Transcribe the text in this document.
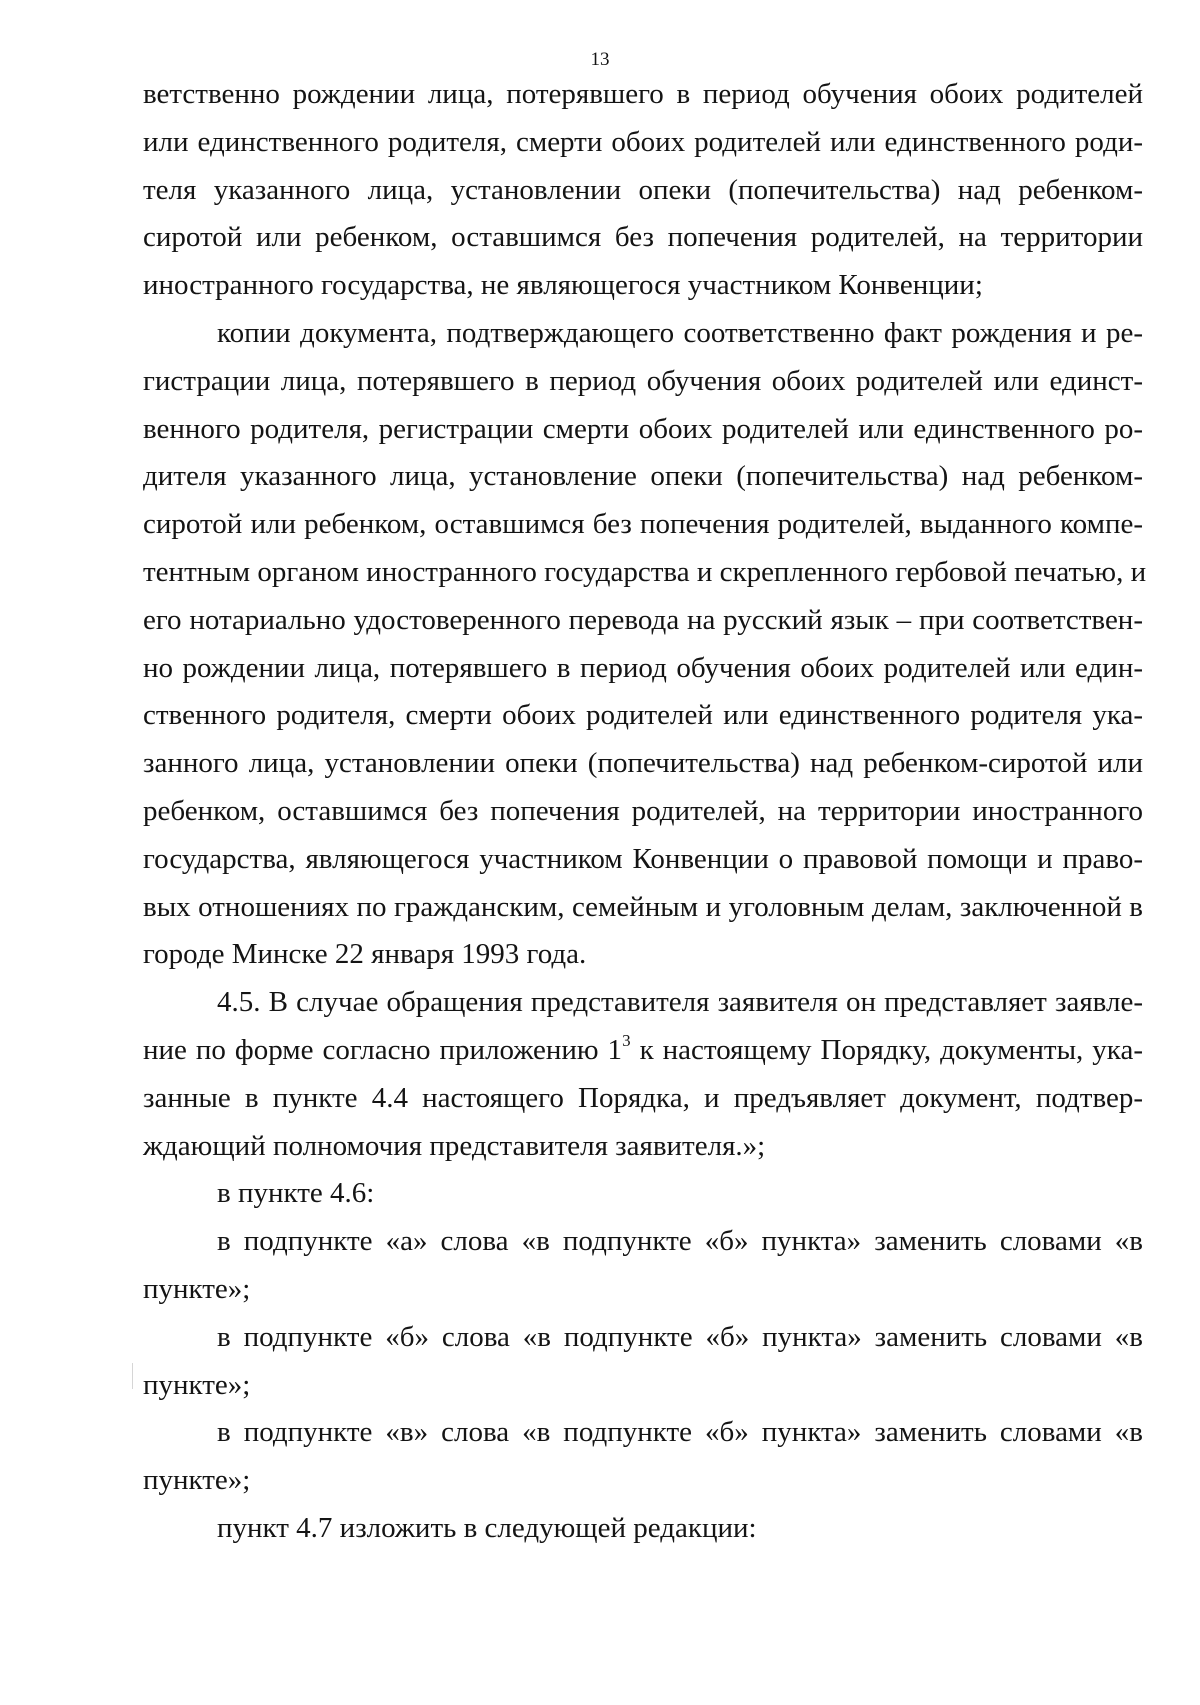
13
ветственно рождении лица, потерявшего в период обучения обоих родителей
или единственного родителя, смерти обоих родителей или единственного роди-
теля указанного лица, установлении опеки (попечительства) над ребенком-
сиротой или ребенком, оставшимся без попечения родителей, на территории
иностранного государства, не являющегося участником Конвенции;
копии документа, подтверждающего соответственно факт рождения и ре-
гистрации лица, потерявшего в период обучения обоих родителей или единст-
венного родителя, регистрации смерти обоих родителей или единственного ро-
дителя указанного лица, установление опеки (попечительства) над ребенком-
сиротой или ребенком, оставшимся без попечения родителей, выданного компе-
тентным органом иностранного государства и скрепленного гербовой печатью, и
его нотариально удостоверенного перевода на русский язык – при соответствен-
но рождении лица, потерявшего в период обучения обоих родителей или един-
ственного родителя, смерти обоих родителей или единственного родителя ука-
занного лица, установлении опеки (попечительства) над ребенком-сиротой или
ребенком, оставшимся без попечения родителей, на территории иностранного
государства, являющегося участником Конвенции о правовой помощи и право-
вых отношениях по гражданским, семейным и уголовным делам, заключенной в
городе Минске 22 января 1993 года.
4.5. В случае обращения представителя заявителя он представляет заявле-
ние по форме согласно приложению $1^3$ к настоящему Порядку, документы, ука-
занные в пункте 4.4 настоящего Порядка, и предъявляет документ, подтвер-
ждающий полномочия представителя заявителя.»;
в пункте 4.6:
в подпункте «а» слова «в подпункте «б» пункта» заменить словами «в
пункте»;
в подпункте «б» слова «в подпункте «б» пункта» заменить словами «в
пункте»;
в подпункте «в» слова «в подпункте «б» пункта» заменить словами «в
пункте»;
пункт 4.7 изложить в следующей редакции:
